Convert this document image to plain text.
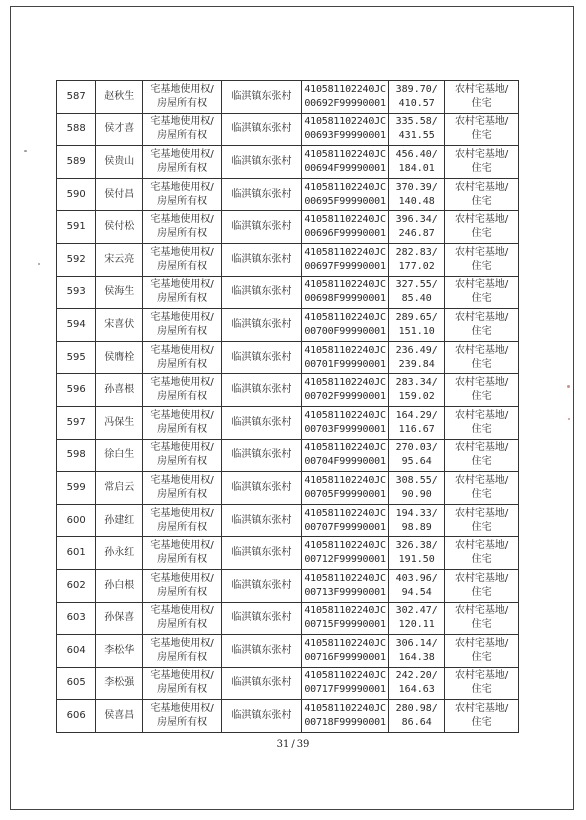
587	赵秋生	宅基地使用权/
房屋所有权	临淇镇东张村	410581102240JC
00692F99990001	389.70/
410.57	农村宅基地/
住宅

588	侯才喜	宅基地使用权/
房屋所有权	临淇镇东张村	410581102240JC
00693F99990001	335.58/
431.55	农村宅基地/
住宅

589	侯贵山	宅基地使用权/
房屋所有权	临淇镇东张村	410581102240JC
00694F99990001	456.40/
184.01	农村宅基地/
住宅

590	侯付昌	宅基地使用权/
房屋所有权	临淇镇东张村	410581102240JC
00695F99990001	370.39/
140.48	农村宅基地/
住宅

591	侯付松	宅基地使用权/
房屋所有权	临淇镇东张村	410581102240JC
00696F99990001	396.34/
246.87	农村宅基地/
住宅

592	宋云亮	宅基地使用权/
房屋所有权	临淇镇东张村	410581102240JC
00697F99990001	282.83/
177.02	农村宅基地/
住宅

593	侯海生	宅基地使用权/
房屋所有权	临淇镇东张村	410581102240JC
00698F99990001	327.55/
85.40	农村宅基地/
住宅

594	宋喜伏	宅基地使用权/
房屋所有权	临淇镇东张村	410581102240JC
00700F99990001	289.65/
151.10	农村宅基地/
住宅

595	侯膺栓	宅基地使用权/
房屋所有权	临淇镇东张村	410581102240JC
00701F99990001	236.49/
239.84	农村宅基地/
住宅

596	孙喜根	宅基地使用权/
房屋所有权	临淇镇东张村	410581102240JC
00702F99990001	283.34/
159.02	农村宅基地/
住宅

597	冯保生	宅基地使用权/
房屋所有权	临淇镇东张村	410581102240JC
00703F99990001	164.29/
116.67	农村宅基地/
住宅

598	徐白生	宅基地使用权/
房屋所有权	临淇镇东张村	410581102240JC
00704F99990001	270.03/
95.64	农村宅基地/
住宅

599	常启云	宅基地使用权/
房屋所有权	临淇镇东张村	410581102240JC
00705F99990001	308.55/
90.90	农村宅基地/
住宅

600	孙建红	宅基地使用权/
房屋所有权	临淇镇东张村	410581102240JC
00707F99990001	194.33/
98.89	农村宅基地/
住宅

601	孙永红	宅基地使用权/
房屋所有权	临淇镇东张村	410581102240JC
00712F99990001	326.38/
191.50	农村宅基地/
住宅

602	孙白根	宅基地使用权/
房屋所有权	临淇镇东张村	410581102240JC
00713F99990001	403.96/
94.54	农村宅基地/
住宅

603	孙保喜	宅基地使用权/
房屋所有权	临淇镇东张村	410581102240JC
00715F99990001	302.47/
120.11	农村宅基地/
住宅

604	李松华	宅基地使用权/
房屋所有权	临淇镇东张村	410581102240JC
00716F99990001	306.14/
164.38	农村宅基地/
住宅

605	李松强	宅基地使用权/
房屋所有权	临淇镇东张村	410581102240JC
00717F99990001	242.20/
164.63	农村宅基地/
住宅

606	侯喜昌	宅基地使用权/
房屋所有权	临淇镇东张村	410581102240JC
00718F99990001	280.98/
86.64	农村宅基地/
住宅
31 / 39
